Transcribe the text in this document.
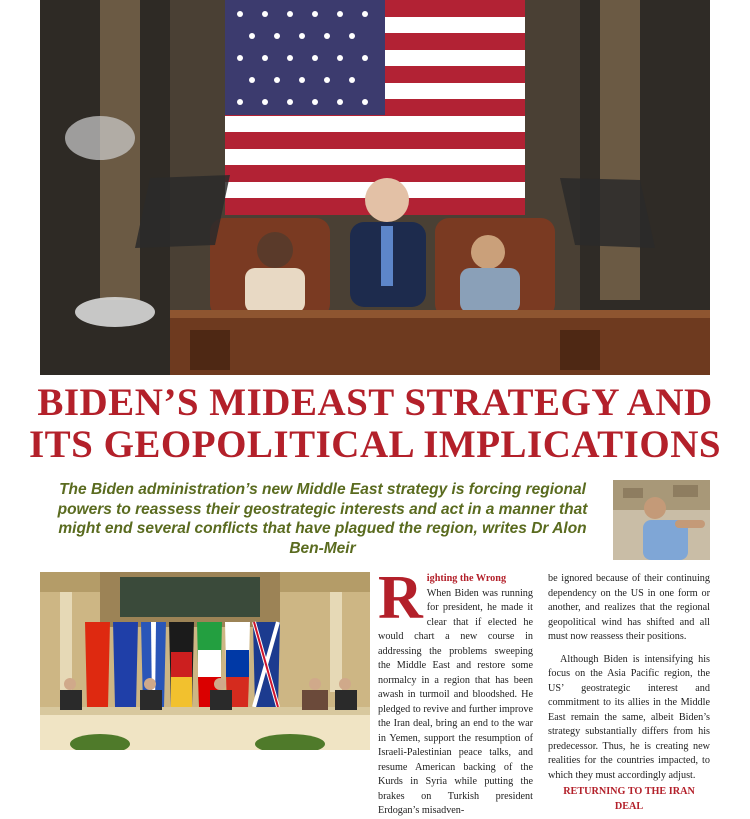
BIDEN’S MIDEAST STRATEGY AND
ITS GEOPOLITICAL IMPLICATIONS
The Biden administration’s new Middle East strategy is forcing regional powers to reassess their geostrategic interests and act in a manner that might end several conflicts that have plagued the region, writes Dr Alon Ben-Meir
R ighting the Wrong
When Biden was running for president, he made it clear that if elected he would chart a new course in addressing the problems sweeping the Middle East and restore some normalcy in a region that has been awash in turmoil and bloodshed. He pledged to revive and further improve the Iran deal, bring an end to the war in Yemen, support the resumption of Israeli-Palestinian peace talks, and resume American backing of the Kurds in Syria while putting the brakes on Turkish president Erdogan’s misadven-

be ignored because of their continuing dependency on the US in one form or another, and realizes that the regional geopolitical wind has shifted and all must now reassess their positions.

Although Biden is intensifying his focus on the Asia Pacific region, the US’ geostrategic interest and commitment to its allies in the Middle East remain the same, albeit Biden’s strategy substantially differs from his predecessor. Thus, he is creating new realities for the countries impacted, to which they must accordingly adjust.

RETURNING TO THE IRAN DEAL
